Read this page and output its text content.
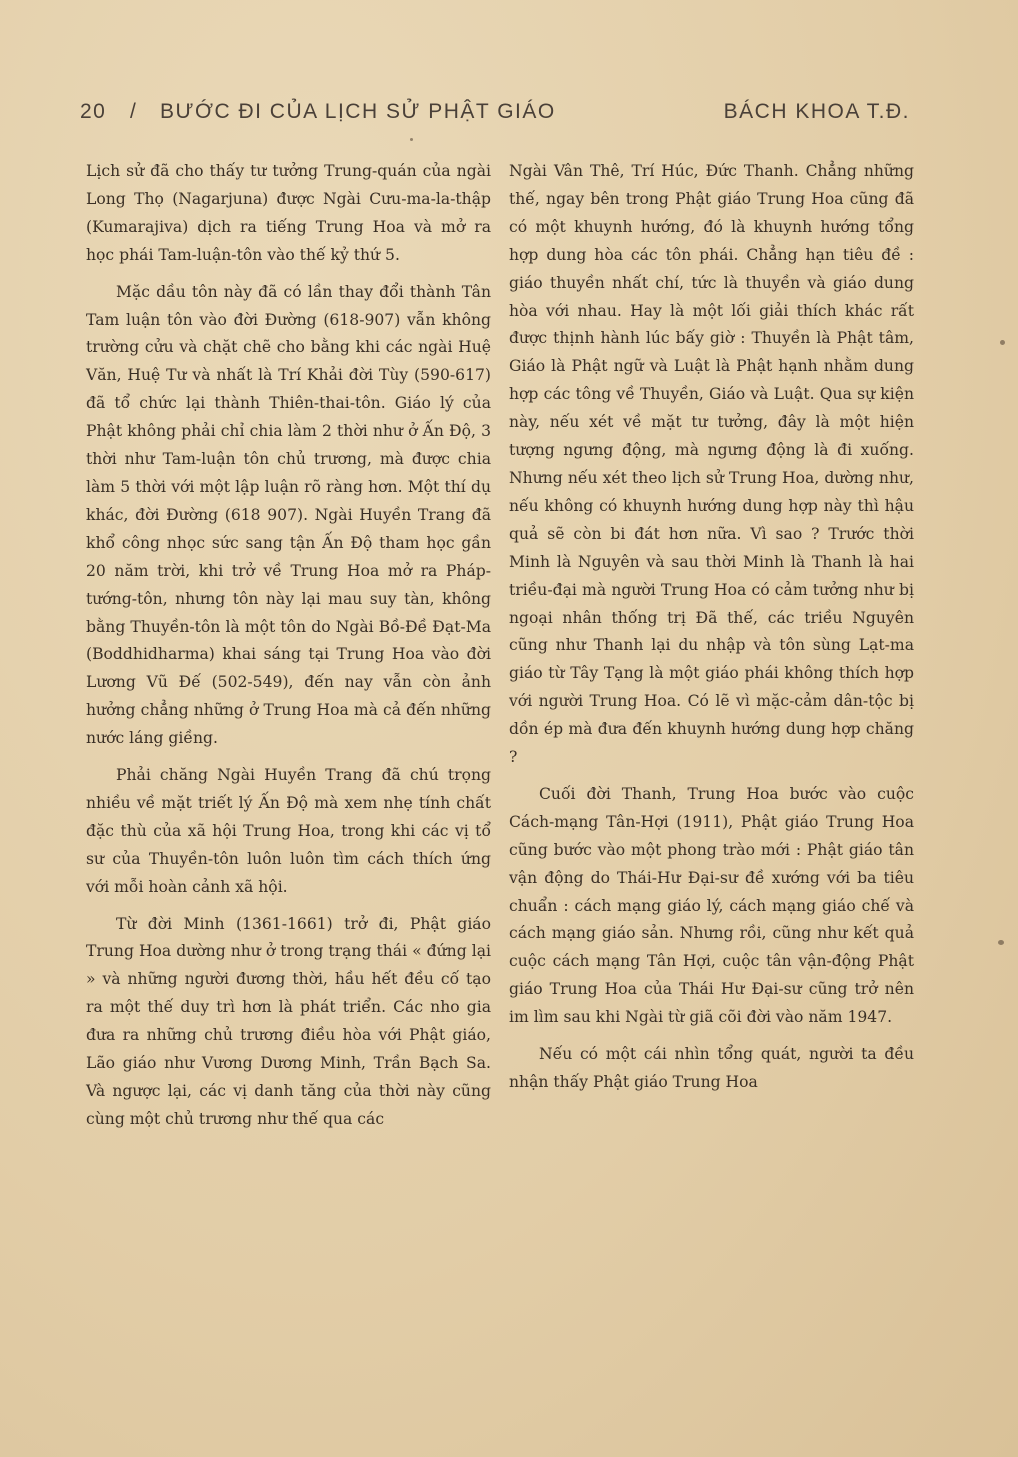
20 / BƯỚC ĐI CỦA LỊCH SỬ PHẬT GIÁO	BÁCH KHOA T.Đ.

Lịch sử đã cho thấy tư tưởng Trung-quán của ngài Long Thọ (Nagarjuna) được Ngài Cưu-ma-la-thập (Kumarajiva) dịch ra tiếng Trung Hoa và mở ra học phái Tam-luận-tôn vào thế kỷ thứ 5.

Mặc dầu tôn này đã có lần thay đổi thành Tân Tam luận tôn vào đời Đường (618-907) vẫn không trường cửu và chặt chẽ cho bằng khi các ngài Huệ Văn, Huệ Tư và nhất là Trí Khải đời Tùy (590-617) đã tổ chức lại thành Thiên-thai-tôn. Giáo lý của Phật không phải chỉ chia làm 2 thời như ở Ấn Độ, 3 thời như Tam-luận tôn chủ trương, mà được chia làm 5 thời với một lập luận rõ ràng hơn. Một thí dụ khác, đời Đường (618 907). Ngài Huyền Trang đã khổ công nhọc sức sang tận Ấn Độ tham học gần 20 năm trời, khi trở về Trung Hoa mở ra Pháp-tướng-tôn, nhưng tôn này lại mau suy tàn, không bằng Thuyền-tôn là một tôn do Ngài Bồ-Đề Đạt-Ma (Boddhidharma) khai sáng tại Trung Hoa vào đời Lương Vũ Đế (502-549), đến nay vẫn còn ảnh hưởng chẳng những ở Trung Hoa mà cả đến những nước láng giềng.

Phải chăng Ngài Huyền Trang đã chú trọng nhiều về mặt triết lý Ấn Độ mà xem nhẹ tính chất đặc thù của xã hội Trung Hoa, trong khi các vị tổ sư của Thuyền-tôn luôn luôn tìm cách thích ứng với mỗi hoàn cảnh xã hội.

Từ đời Minh (1361-1661) trở đi, Phật giáo Trung Hoa dường như ở trong trạng thái « đứng lại » và những người đương thời, hầu hết đều cố tạo ra một thế duy trì hơn là phát triển. Các nho gia đưa ra những chủ trương điều hòa với Phật giáo, Lão giáo như Vương Dương Minh, Trần Bạch Sa. Và ngược lại, các vị danh tăng của thời này cũng cùng một chủ trương như thế qua các

Ngài Vân Thê, Trí Húc, Đức Thanh. Chẳng những thế, ngay bên trong Phật giáo Trung Hoa cũng đã có một khuynh hướng, đó là khuynh hướng tổng hợp dung hòa các tôn phái. Chẳng hạn tiêu đề : giáo thuyền nhất chí, tức là thuyền và giáo dung hòa với nhau. Hay là một lối giải thích khác rất được thịnh hành lúc bấy giờ : Thuyền là Phật tâm, Giáo là Phật ngữ và Luật là Phật hạnh nhằm dung hợp các tông về Thuyền, Giáo và Luật. Qua sự kiện này, nếu xét về mặt tư tưởng, đây là một hiện tượng ngưng động, mà ngưng động là đi xuống. Nhưng nếu xét theo lịch sử Trung Hoa, dường như, nếu không có khuynh hướng dung hợp này thì hậu quả sẽ còn bi đát hơn nữa. Vì sao ? Trước thời Minh là Nguyên và sau thời Minh là Thanh là hai triều-đại mà người Trung Hoa có cảm tưởng như bị ngoại nhân thống trị Đã thế, các triều Nguyên cũng như Thanh lại du nhập và tôn sùng Lạt-ma giáo từ Tây Tạng là một giáo phái không thích hợp với người Trung Hoa. Có lẽ vì mặc-cảm dân-tộc bị dồn ép mà đưa đến khuynh hướng dung hợp chăng ?

Cuối đời Thanh, Trung Hoa bước vào cuộc Cách-mạng Tân-Hợi (1911), Phật giáo Trung Hoa cũng bước vào một phong trào mới : Phật giáo tân vận động do Thái-Hư Đại-sư đề xướng với ba tiêu chuẩn : cách mạng giáo lý, cách mạng giáo chế và cách mạng giáo sản. Nhưng rồi, cũng như kết quả cuộc cách mạng Tân Hợi, cuộc tân vận-động Phật giáo Trung Hoa của Thái Hư Đại-sư cũng trở nên im lìm sau khi Ngài từ giã cõi đời vào năm 1947.

Nếu có một cái nhìn tổng quát, người ta đều nhận thấy Phật giáo Trung Hoa
